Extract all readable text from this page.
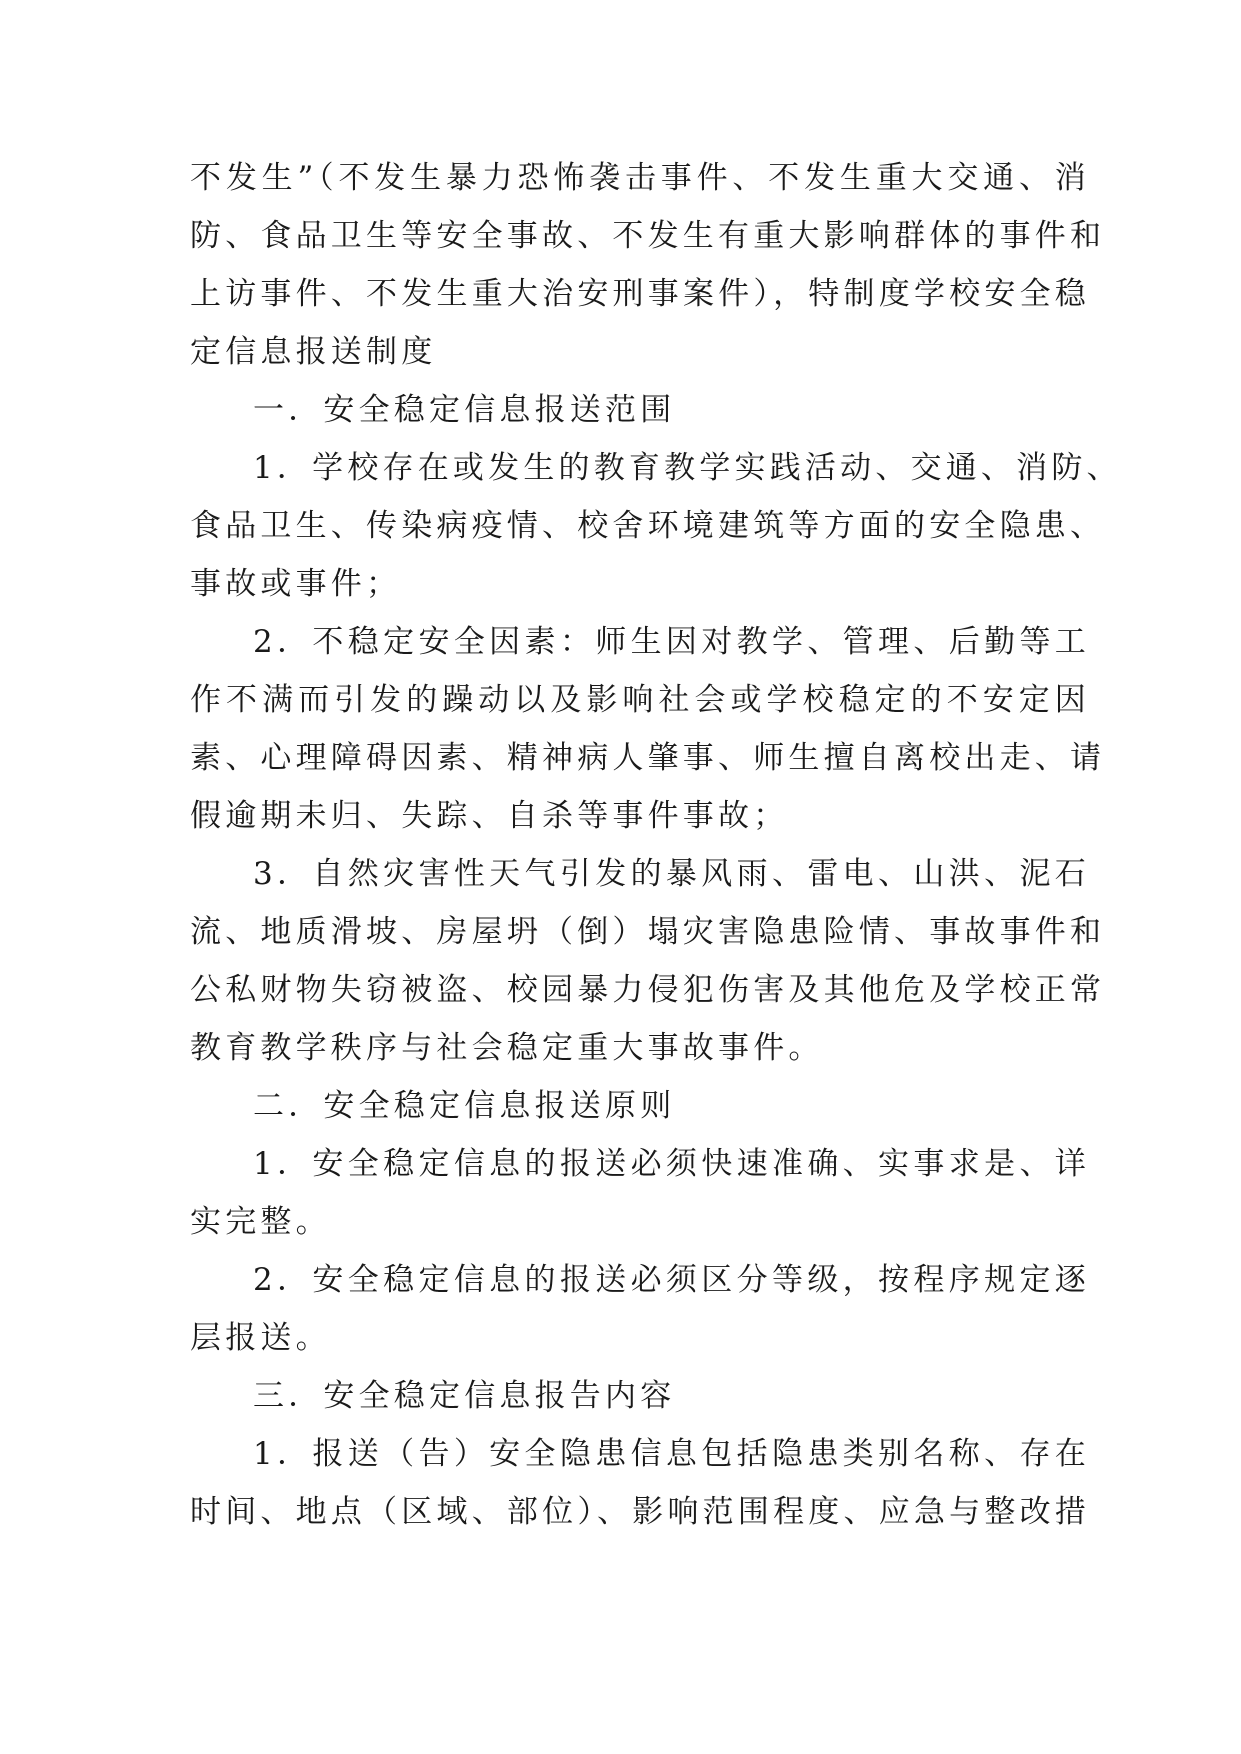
不发生”（不发生暴力恐怖袭击事件、不发生重大交通、消
防、食品卫生等安全事故、不发生有重大影响群体的事件和
上访事件、不发生重大治安刑事案件），特制度学校安全稳
定信息报送制度
一．安全稳定信息报送范围
1．学校存在或发生的教育教学实践活动、交通、消防、
食品卫生、传染病疫情、校舍环境建筑等方面的安全隐患、
事故或事件；
2．不稳定安全因素：师生因对教学、管理、后勤等工
作不满而引发的躁动以及影响社会或学校稳定的不安定因
素、心理障碍因素、精神病人肇事、师生擅自离校出走、请
假逾期未归、失踪、自杀等事件事故；
3．自然灾害性天气引发的暴风雨、雷电、山洪、泥石
流、地质滑坡、房屋坍（倒）塌灾害隐患险情、事故事件和
公私财物失窃被盗、校园暴力侵犯伤害及其他危及学校正常
教育教学秩序与社会稳定重大事故事件。
二．安全稳定信息报送原则
1．安全稳定信息的报送必须快速准确、实事求是、详
实完整。
2．安全稳定信息的报送必须区分等级，按程序规定逐
层报送。
三．安全稳定信息报告内容
1．报送（告）安全隐患信息包括隐患类别名称、存在
时间、地点（区域、部位）、影响范围程度、应急与整改措
